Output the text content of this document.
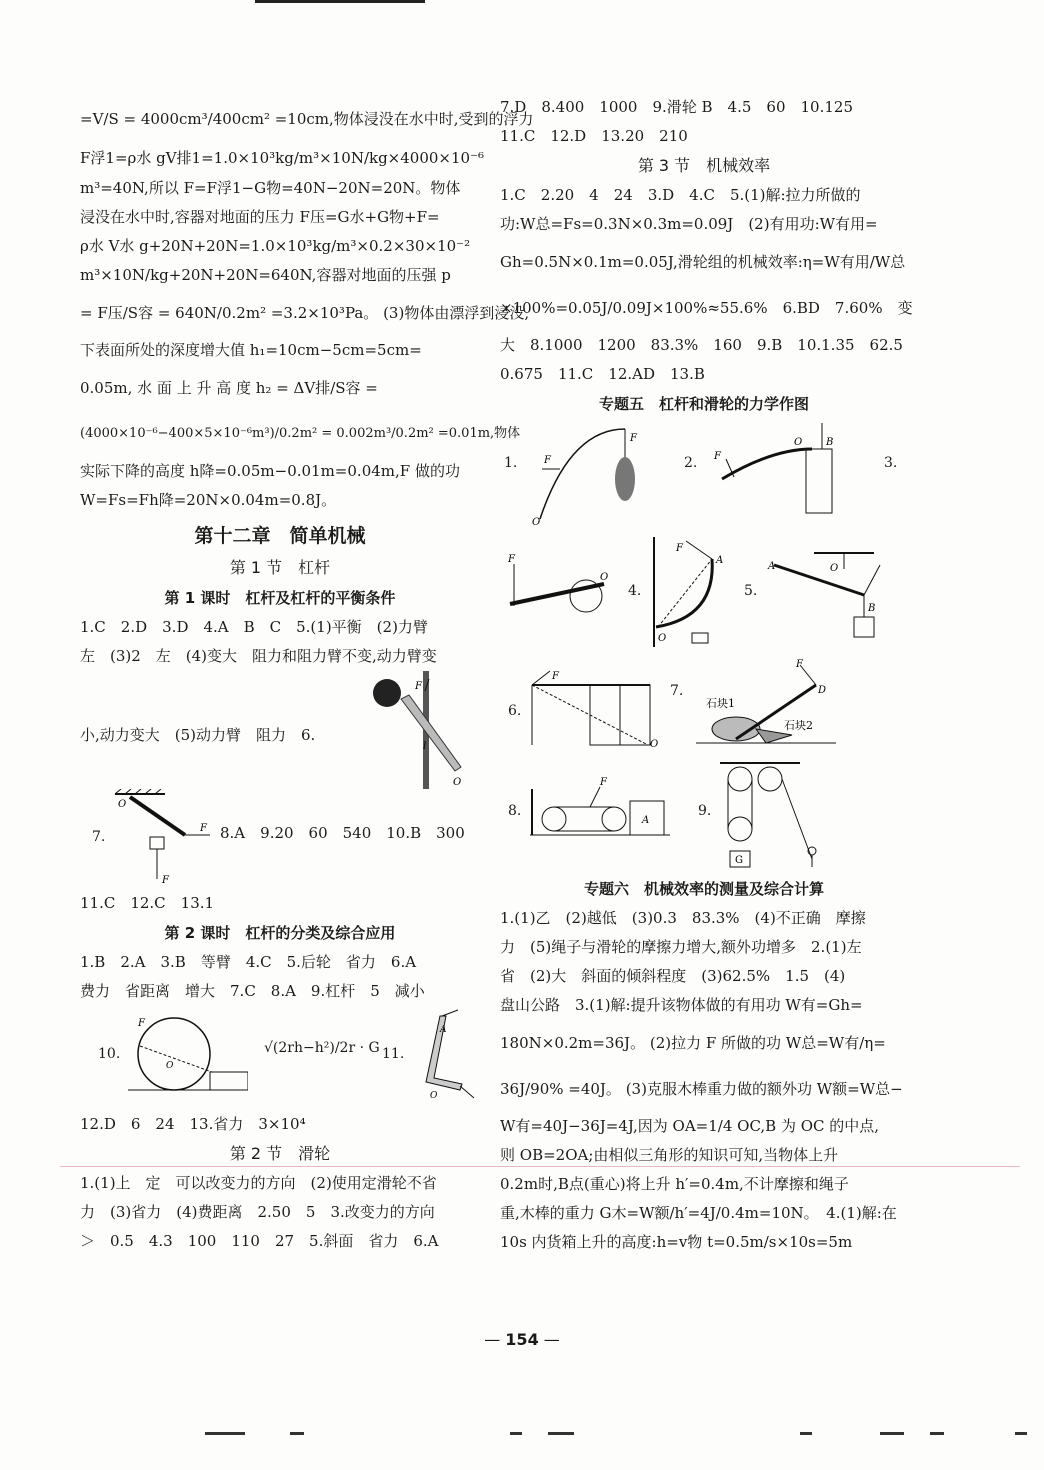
=V/S = 4000cm³/400cm² =10cm,物体浸没在水中时,受到的浮力
F浮1=ρ水 gV排1=1.0×10³kg/m³×10N/kg×4000×10⁻⁶
m³=40N,所以 F=F浮1−G物=40N−20N=20N。物体
浸没在水中时,容器对地面的压力 F压=G水+G物+F=
ρ水 V水 g+20N+20N=1.0×10³kg/m³×0.2×30×10⁻²
m³×10N/kg+20N+20N=640N,容器对地面的压强 p
= F压/S容 = 640N/0.2m² =3.2×10³Pa。 (3)物体由漂浮到浸没,
下表面所处的深度增大值 h₁=10cm−5cm=5cm=
0.05m, 水 面 上 升 高 度 h₂ = ΔV排/S容 =
(4000×10⁻⁶−400×5×10⁻⁶m³)/0.2m² = 0.002m³/0.2m² =0.01m,物体
实际下降的高度 h降=0.05m−0.01m=0.04m,F 做的功
W=Fs=Fh降=20N×0.04m=0.8J。
第十二章　简单机械
第 1 节　杠杆
第 1 课时　杠杆及杠杆的平衡条件
1.C　2.D　3.D　4.A　B　C　5.(1)平衡　(2)力臂
左　(3)2　左　(4)变大　阻力和阻力臂不变,动力臂变
小,动力变大　(5)动力臂　阻力　6.
F
l
O
7.
O
F
F
8.A　9.20　60　540　10.B　300
11.C　12.C　13.1
第 2 课时　杠杆的分类及综合应用
1.B　2.A　3.B　等臂　4.C　5.后轮　省力　6.A
费力　省距离　增大　7.C　8.A　9.杠杆　5　减小
10.
F
O
√(2rh−h²)/2r · G 11.
A
O
12.D　6　24　13.省力　3×10⁴
第 2 节　滑轮
1.(1)上　定　可以改变力的方向　(2)使用定滑轮不省
力　(3)省力　(4)费距离　2.50　5　3.改变力的方向
＞　0.5　4.3　100　110　27　5.斜面　省力　6.A
7.D　8.400　1000　9.滑轮 B　4.5　60　10.125
11.C　12.D　13.20　210
第 3 节　机械效率
1.C　2.20　4　24　3.D　4.C　5.(1)解:拉力所做的
功:W总=Fs=0.3N×0.3m=0.09J　(2)有用功:W有用=
Gh=0.5N×0.1m=0.05J,滑轮组的机械效率:η=W有用/W总
×100%=0.05J/0.09J×100%≈55.6%　6.BD　7.60%　变
大　8.1000　1200　83.3%　160　9.B　10.1.35　62.5
0.675　11.C　12.AD　13.B
专题五　杠杆和滑轮的力学作图
1.	F
F
O
2. F
O B
3.
F
O
4.
A
O
F
5.
A	O
B
6.
F
O
7.
石块1
石块2
F
D
8.
F
A
9.
G
专题六　机械效率的测量及综合计算
1.(1)乙　(2)越低　(3)0.3　83.3%　(4)不正确　摩擦
力　(5)绳子与滑轮的摩擦力增大,额外功增多　2.(1)左
省　(2)大　斜面的倾斜程度　(3)62.5%　1.5　(4)
盘山公路　3.(1)解:提升该物体做的有用功 W有=Gh=
180N×0.2m=36J。 (2)拉力 F 所做的功 W总=W有/η=
36J/90% =40J。 (3)克服木棒重力做的额外功 W额=W总−
W有=40J−36J=4J,因为 OA=1/4 OC,B 为 OC 的中点,
则 OB=2OA;由相似三角形的知识可知,当物体上升
0.2m时,B点(重心)将上升 h′=0.4m,不计摩擦和绳子
重,木棒的重力 G木=W额/h′=4J/0.4m=10N。　4.(1)解:在
10s 内货箱上升的高度:h=v物 t=0.5m/s×10s=5m
— 154 —
